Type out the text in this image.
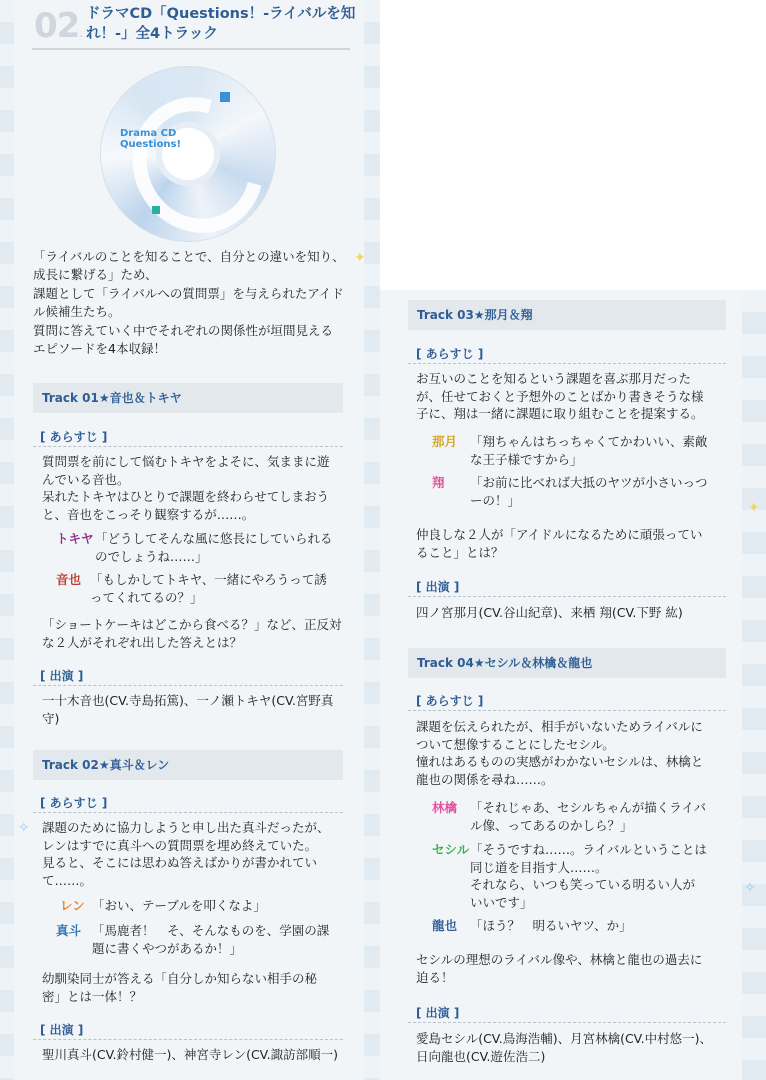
02.
ドラマCD「Questions！-ライバルを知れ！-」全4トラック
Drama CD
Questions!
「ライバルのことを知ることで、自分との違いを知り、
成長に繋げる」ため、
課題として「ライバルへの質問票」を与えられたアイド
ル候補生たち。
質問に答えていく中でそれぞれの関係性が垣間見える
エピソードを4本収録！
Track 01★音也＆トキヤ
[ あらすじ ]
質問票を前にして悩むトキヤをよそに、気ままに遊
んでいる音也。
呆れたトキヤはひとりで課題を終わらせてしまおう
と、音也をこっそり観察するが……。
トキヤ 「どうしてそんな風に悠長にしていられる
のでしょうね……」
音也 「もしかしてトキヤ、一緒にやろうって誘
ってくれてるの？」
「ショートケーキはどこから食べる？」など、正反対
な２人がそれぞれ出した答えとは？
[ 出演 ]
一十木音也(CV.寺島拓篤)、一ノ瀬トキヤ(CV.宮野真
守)
Track 02★真斗＆レン
[ あらすじ ]
課題のために協力しようと申し出た真斗だったが、
レンはすでに真斗への質問票を埋め終えていた。
見ると、そこには思わぬ答えばかりが書かれてい
て……。
レン 「おい、テーブルを叩くなよ」
真斗 「馬鹿者！　そ、そんなものを、学園の課
題に書くやつがあるか！」
幼馴染同士が答える「自分しか知らない相手の秘
密」とは一体！？
[ 出演 ]
聖川真斗(CV.鈴村健一)、神宮寺レン(CV.諏訪部順一)
Track 03★那月＆翔
[ あらすじ ]
お互いのことを知るという課題を喜ぶ那月だった
が、任せておくと予想外のことばかり書きそうな様
子に、翔は一緒に課題に取り組むことを提案する。
那月 「翔ちゃんはちっちゃくてかわいい、素敵
な王子様ですから」
翔 「お前に比べれば大抵のヤツが小さいっつ
ーの！」
仲良しな２人が「アイドルになるために頑張ってい
ること」とは？
[ 出演 ]
四ノ宮那月(CV.谷山紀章)、来栖 翔(CV.下野 紘)
Track 04★セシル＆林檎＆龍也
[ あらすじ ]
課題を伝えられたが、相手がいないためライバルに
ついて想像することにしたセシル。
憧れはあるものの実感がわかないセシルは、林檎と
龍也の関係を尋ね……。
林檎 「それじゃあ、セシルちゃんが描くライバ
ル像、ってあるのかしら？」
セシル 「そうですね……。ライバルということは
同じ道を目指す人……。
それなら、いつも笑っている明るい人が
いいです」
龍也 「ほう？　明るいヤツ、か」
セシルの理想のライバル像や、林檎と龍也の過去に
迫る！
[ 出演 ]
愛島セシル(CV.鳥海浩輔)、月宮林檎(CV.中村悠一)、
日向龍也(CV.遊佐浩二)
✦
✧
✦
✧
